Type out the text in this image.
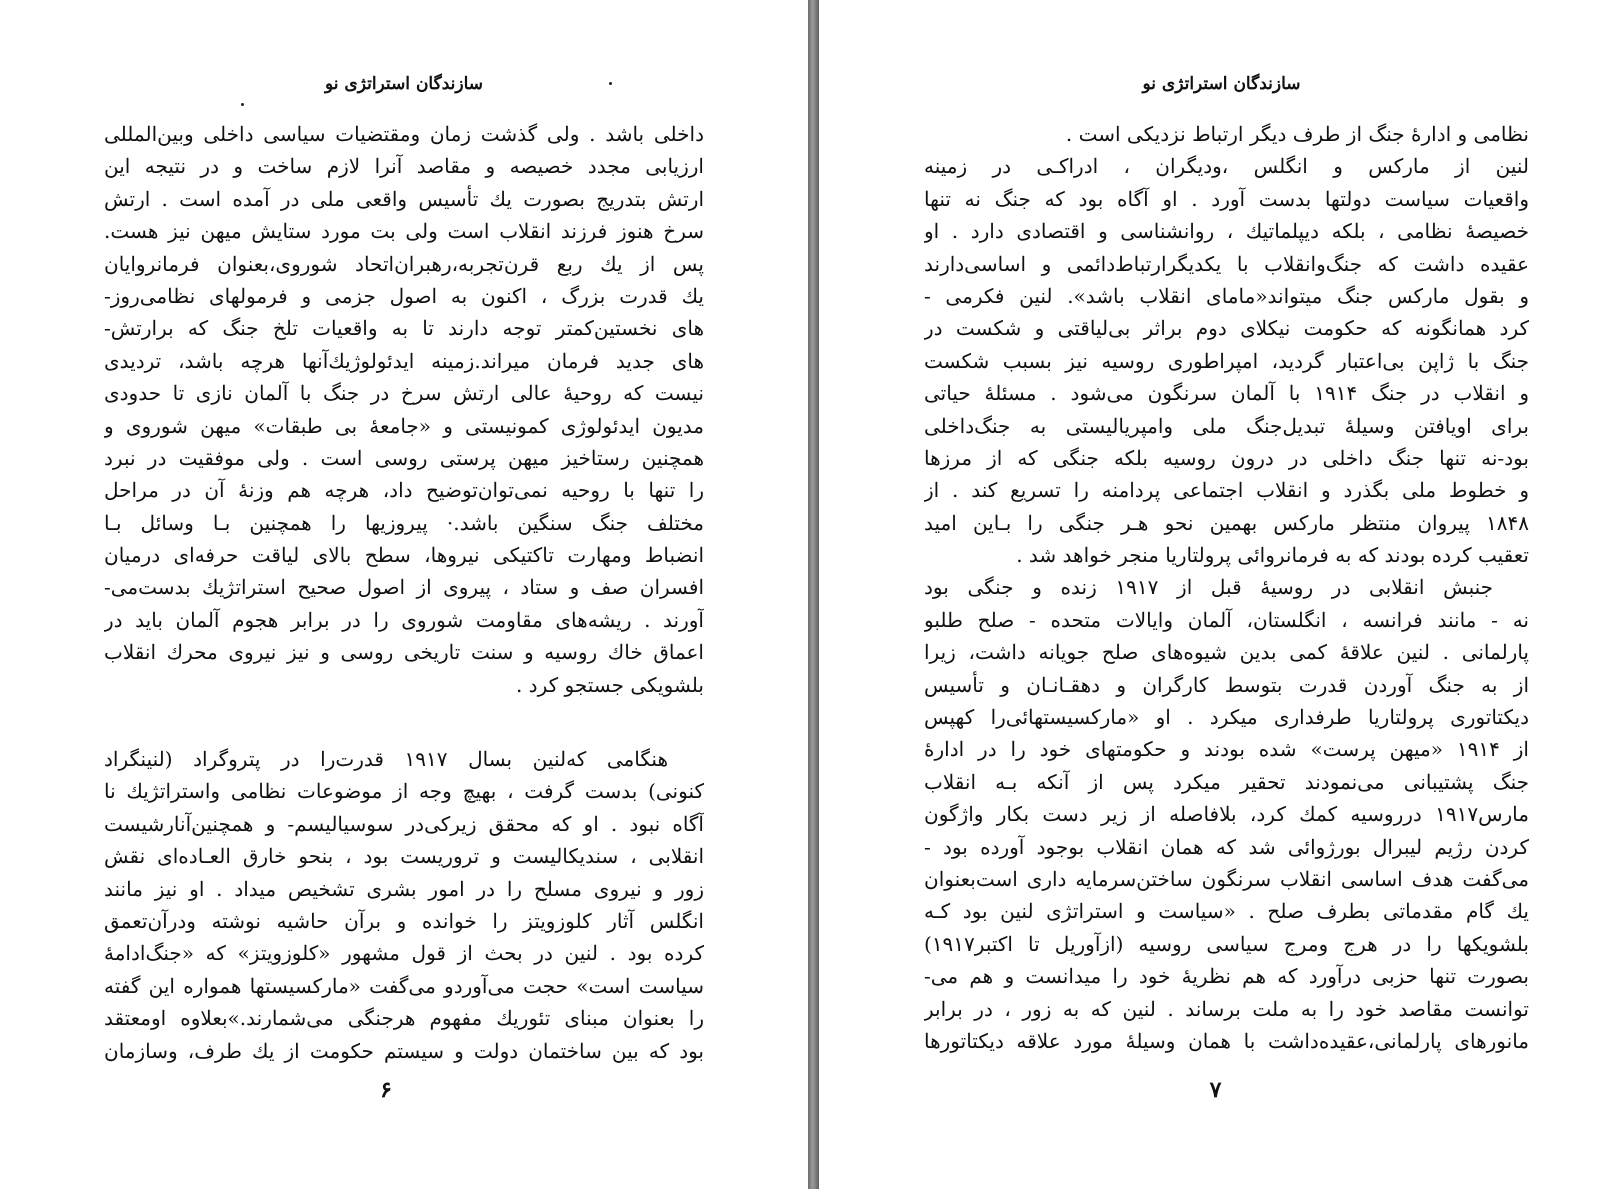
سازندگان استراتژی نو
داخلی باشد . ولی گذشت زمان ومقتضیات سیاسی داخلی وبین‌المللی
ارزیابی مجدد خصیصه و مقاصد آنرا لازم ساخت و در نتیجه این
ارتش بتدریج بصورت یك تأسیس واقعی ملی در آمده است . ارتش
سرخ هنوز فرزند انقلاب است ولی بت مورد ستایش میهن نیز هست.
پس از یك ربع قرن‌تجربه،رهبران‌اتحاد شوروی،بعنوان فرمانروایان
یك قدرت بزرگ ، اکنون به اصول جزمی و فرمولهای نظامی‌روز-
های نخستین‌کمتر توجه دارند تا به واقعیات تلخ جنگ که برارتش-
های جدید فرمان میراند.زمینه ایدئولوژیك‌آنها هرچه باشد، تردیدی
نیست که روحیهٔ عالی ارتش سرخ در جنگ با آلمان نازی تا حدودی
مدیون ایدئولوژی کمونیستی و «جامعهٔ بی طبقات» میهن شوروی و
همچنین رستاخیز میهن پرستی روسی است . ولی موفقیت در نبرد
را تنها با روحیه نمی‌توان‌توضیح داد، هرچه هم وزنهٔ آن در مراحل
مختلف جنگ سنگین باشد.· پیروزیها را همچنین بـا وسائل بـا
انضباط ومهارت تاکتیکی نیروها، سطح بالای لیاقت حرفه‌ای درمیان
افسران صف و ستاد ، پیروی از اصول صحیح استراتژیك بدست‌می-
آورند . ریشه‌های مقاومت شوروی را در برابر هجوم آلمان باید در
اعماق خاك روسیه و سنت تاریخی روسی و نیز نیروی محرك انقلاب
بلشویکی جستجو کرد .
هنگامی که‌لنین بسال ۱۹۱۷ قدرت‌را در پتروگراد (لنینگراد
کنونی) بدست گرفت ، بهیچ وجه از موضوعات نظامی واستراتژیك نا
آگاه نبود . او که محقق زیرکی‌در سوسیالیسم- و همچنین‌آنارشیست
انقلابی ، سندیکالیست و تروریست بود ، بنحو خارق العـاده‌ای نقش
زور و نیروی مسلح را در امور بشری تشخیص میداد . او نیز مانند
انگلس آثار کلوزویتز را خوانده و برآن حاشیه نوشته ودرآن‌تعمق
کرده بود . لنین در بحث از قول مشهور «کلوزویتز» که «جنگ‌ادامهٔ
سیاست است» حجت می‌آوردو می‌گفت «مارکسیستها همواره این گفته
را بعنوان مبنای تئوریك مفهوم هرجنگی می‌شمارند.»بعلاوه اومعتقد
بود که بین ساختمان دولت و سیستم حکومت از یك طرف، وسازمان
۶
سازندگان استراتژی نو
نظامی و ادارهٔ جنگ از طرف دیگر ارتباط نزدیکی است .
لنین از مارکس و انگلس ،ودیگران ، ادراکـی در زمینه
واقعیات سیاست دولتها بدست آورد . او آگاه بود که جنگ نه تنها
خصیصهٔ نظامی ، بلکه دیپلماتیك ، روانشناسی و اقتصادی دارد . او
عقیده داشت که جنگ‌وانقلاب با یکدیگرارتباط‌دائمی و اساسی‌دارند
و بقول مارکس جنگ میتواند«مامای انقلاب باشد». لنین فکرمی -
کرد همانگونه که حکومت نیکلای دوم براثر بی‌لیاقتی و شکست در
جنگ با ژاپن بی‌اعتبار گردید، امپراطوری روسیه نیز بسبب شکست
و انقلاب در جنگ ۱۹۱۴ با آلمان سرنگون می‌شود . مسئلهٔ حیاتی
برای اویافتن وسیلهٔ تبدیل‌جنگ ملی وامپریالیستی به جنگ‌داخلی
بود-نه تنها جنگ داخلی در درون روسیه بلکه جنگی که از مرزها
و خطوط ملی بگذرد و انقلاب اجتماعی پردامنه را تسریع کند . از
۱۸۴۸ پیروان منتظر مارکس بهمین نحو هـر جنگی را بـاین امید
تعقیب کرده بودند که به فرمانروائی پرولتاریا منجر خواهد شد .
جنبش انقلابی در روسیهٔ قبل از ۱۹۱۷ زنده و جنگی بود
نه - مانند فرانسه ، انگلستان، آلمان وایالات متحده - صلح طلبو
پارلمانی . لنین علاقهٔ کمی بدین شیوه‌های صلح جویانه داشت، زیرا
از به جنگ آوردن قدرت بتوسط کارگران و دهقـانـان و تأسیس
دیکتاتوری پرولتاریا طرفداری میکرد . او «مارکسیستهائی‌را کهپس
از ۱۹۱۴ «میهن پرست» شده بودند و حکومتهای خود را در ادارهٔ
جنگ پشتیبانی می‌نمودند تحقیر میکرد پس از آنکه بـه انقلاب
مارس۱۹۱۷ درروسیه کمك کرد، بلافاصله از زیر دست بکار واژگون
کردن رژیم لیبرال بورژوائی شد که همان انقلاب بوجود آورده بود -
می‌گفت هدف اساسی انقلاب سرنگون ساختن‌سرمایه داری است‌بعنوان
یك گام مقدماتی بطرف صلح . «سیاست و استراتژی لنین بود کـه
بلشویکها را در هرج ومرج سیاسی روسیه (ازآوریل تا اکتبر۱۹۱۷)
بصورت تنها حزبی درآورد که هم نظریهٔ خود را میدانست و هم می-
توانست مقاصد خود را به ملت برساند . لنین که به زور ، در برابر
مانورهای پارلمانی،عقیده‌داشت با همان وسیلهٔ مورد علاقه دیکتاتورها
۷
